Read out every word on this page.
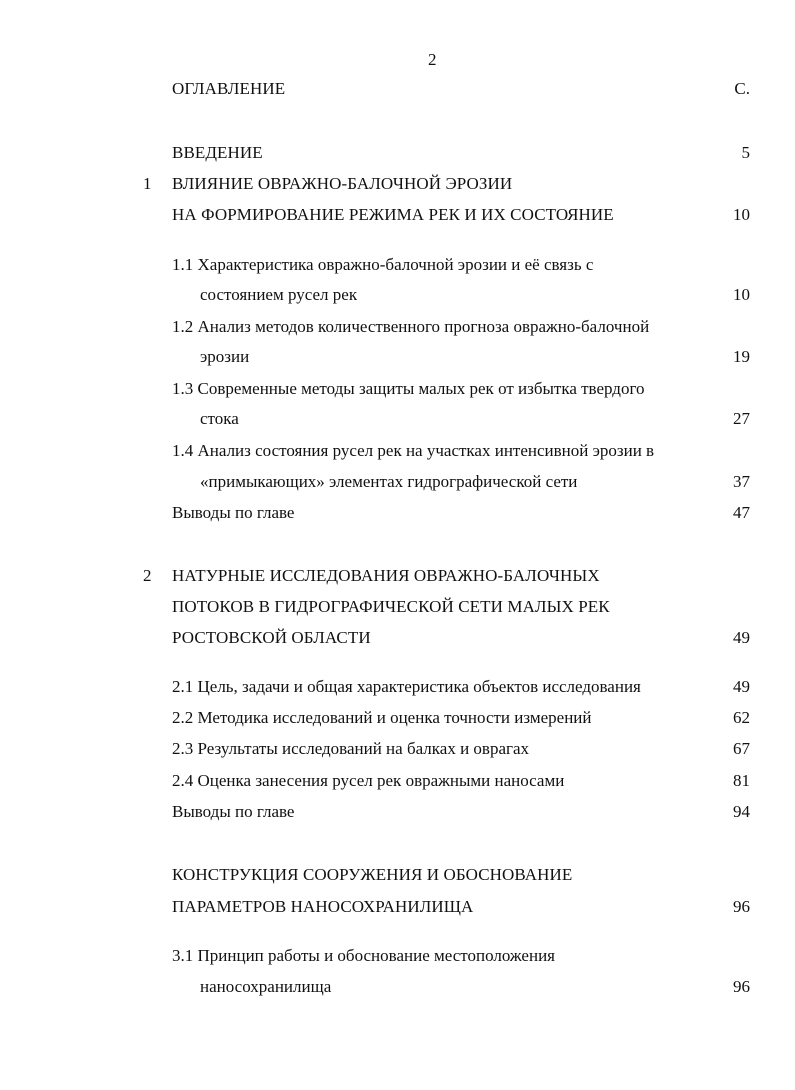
2
ОГЛАВЛЕНИЕ	С.
ВВЕДЕНИЕ	5
1 ВЛИЯНИЕ ОВРАЖНО-БАЛОЧНОЙ ЭРОЗИИ
НА ФОРМИРОВАНИЕ РЕЖИМА РЕК И ИХ СОСТОЯНИЕ	10
1.1 Характеристика овражно-балочной эрозии и её связь с
состоянием русел рек	10
1.2 Анализ методов количественного прогноза овражно-балочной
эрозии	19
1.3 Современные методы защиты малых рек от избытка твердого
стока	27
1.4 Анализ состояния русел рек на участках интенсивной эрозии в
«примыкающих» элементах гидрографической сети	37
Выводы по главе	47
2 НАТУРНЫЕ ИССЛЕДОВАНИЯ ОВРАЖНО-БАЛОЧНЫХ
ПОТОКОВ В ГИДРОГРАФИЧЕСКОЙ СЕТИ МАЛЫХ РЕК
РОСТОВСКОЙ ОБЛАСТИ	49
2.1 Цель, задачи и общая характеристика объектов исследования	49
2.2 Методика исследований и оценка точности измерений	62
2.3 Результаты исследований на балках и оврагах	67
2.4 Оценка занесения русел рек овражными наносами	81
Выводы по главе	94
КОНСТРУКЦИЯ СООРУЖЕНИЯ И ОБОСНОВАНИЕ
ПАРАМЕТРОВ НАНОСОХРАНИЛИЩА	96
3.1 Принцип работы и обоснование местоположения
наносохранилища	96
